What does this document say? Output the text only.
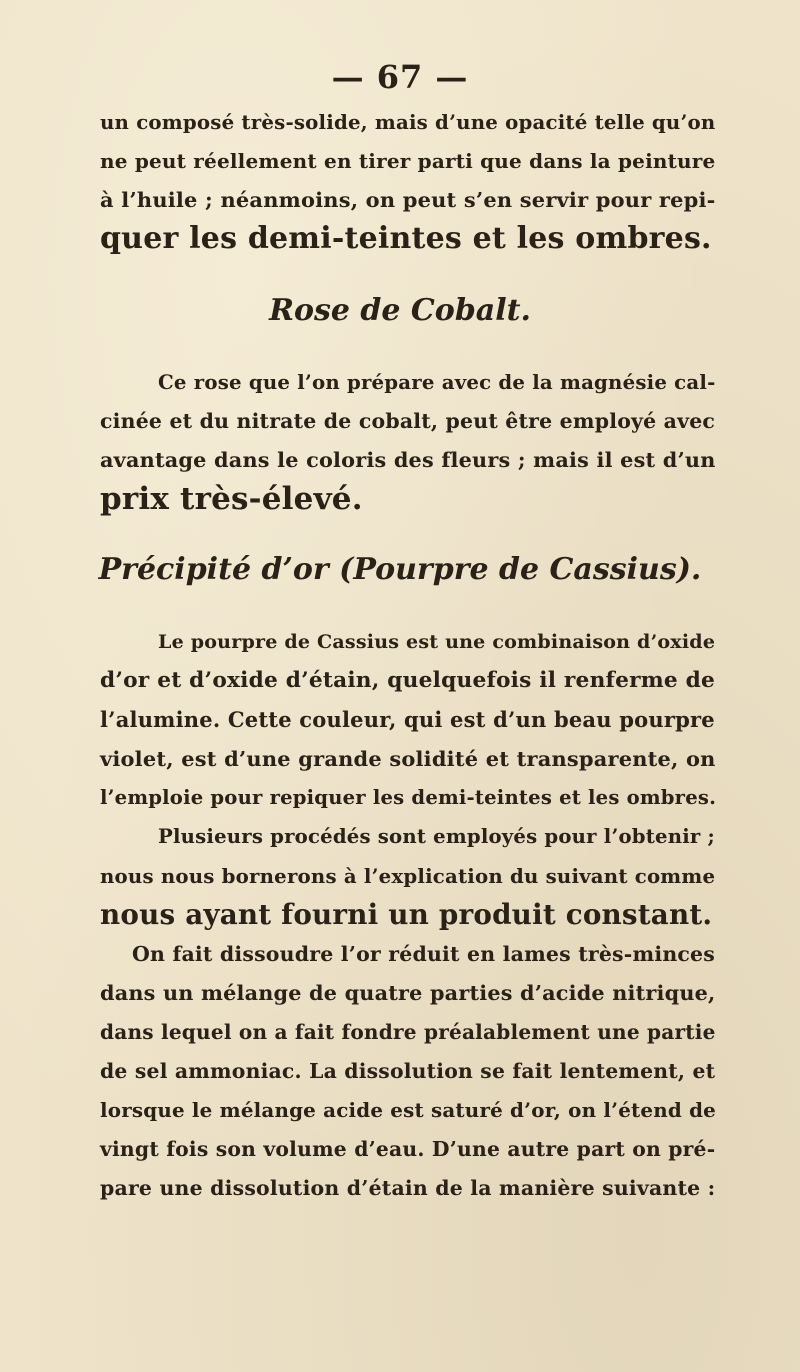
— 67 —
un composé très-solide, mais d’une opacité telle qu’on
ne peut réellement en tirer parti que dans la peinture
à l’huile ; néanmoins, on peut s’en servir pour repi-
quer les demi-teintes et les ombres.
Rose de Cobalt.
Ce rose que l’on prépare avec de la magnésie cal-
cinée et du nitrate de cobalt, peut être employé avec
avantage dans le coloris des fleurs ; mais il est d’un
prix très-élevé.
Précipité d’or (Pourpre de Cassius).
Le pourpre de Cassius est une combinaison d’oxide
d’or et d’oxide d’étain, quelquefois il renferme de
l’alumine. Cette couleur, qui est d’un beau pourpre
violet, est d’une grande solidité et transparente, on
l’emploie pour repiquer les demi-teintes et les ombres.
Plusieurs procédés sont employés pour l’obtenir ;
nous nous bornerons à l’explication du suivant comme
nous ayant fourni un produit constant.
On fait dissoudre l’or réduit en lames très-minces
dans un mélange de quatre parties d’acide nitrique,
dans lequel on a fait fondre préalablement une partie
de sel ammoniac. La dissolution se fait lentement, et
lorsque le mélange acide est saturé d’or, on l’étend de
vingt fois son volume d’eau. D’une autre part on pré-
pare une dissolution d’étain de la manière suivante :
